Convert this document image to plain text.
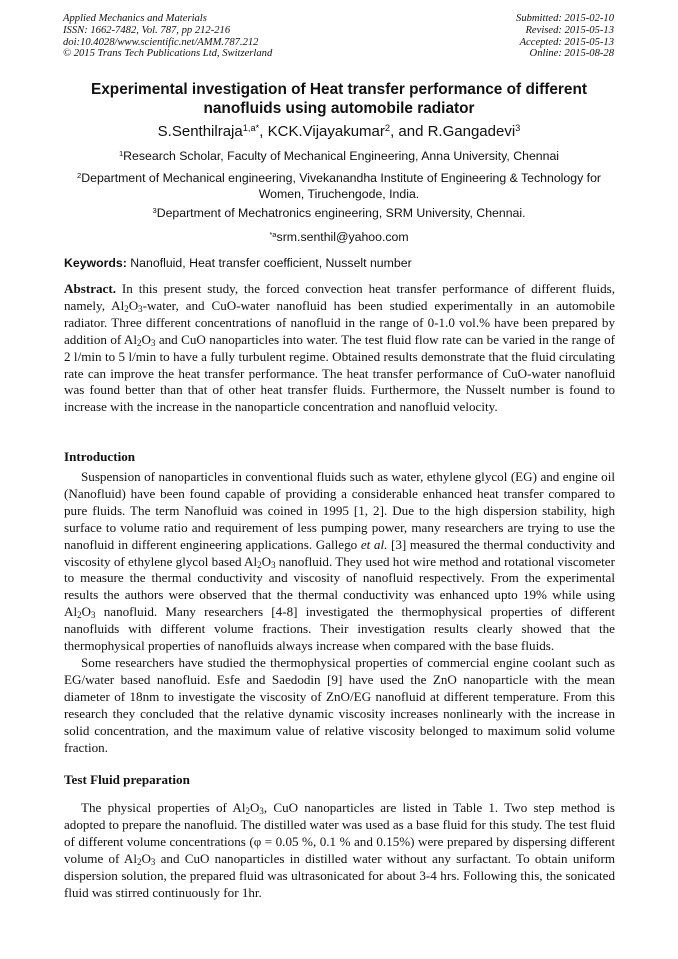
Applied Mechanics and Materials
ISSN: 1662-7482, Vol. 787, pp 212-216
doi:10.4028/www.scientific.net/AMM.787.212
© 2015 Trans Tech Publications Ltd, Switzerland
Submitted: 2015-02-10
Revised: 2015-05-13
Accepted: 2015-05-13
Online: 2015-08-28
Experimental investigation of Heat transfer performance of different
nanofluids using automobile radiator
S.Senthilraja$^{1,a*}$, KCK.Vijayakumar$^2$, and R.Gangadevi$^3$
$^1$Research Scholar, Faculty of Mechanical Engineering, Anna University, Chennai
$^2$Department of Mechanical engineering, Vivekanandha Institute of Engineering & Technology for
Women, Tiruchengode, India.
$^3$Department of Mechatronics engineering, SRM University, Chennai.
$^{*a}$srm.senthil@yahoo.com
Keywords: Nanofluid, Heat transfer coefficient, Nusselt number
Abstract. In this present study, the forced convection heat transfer performance of different fluids, namely, $Al_2O_3$-water, and CuO-water nanofluid has been studied experimentally in an automobile radiator. Three different concentrations of nanofluid in the range of 0-1.0 vol.% have been prepared by addition of $Al_2O_3$ and CuO nanoparticles into water. The test fluid flow rate can be varied in the range of 2 l/min to 5 l/min to have a fully turbulent regime. Obtained results demonstrate that the fluid circulating rate can improve the heat transfer performance. The heat transfer performance of CuO-water nanofluid was found better than that of other heat transfer fluids. Furthermore, the Nusselt number is found to increase with the increase in the nanoparticle concentration and nanofluid velocity.
Introduction

Suspension of nanoparticles in conventional fluids such as water, ethylene glycol (EG) and engine oil (Nanofluid) have been found capable of providing a considerable enhanced heat transfer compared to pure fluids. The term Nanofluid was coined in 1995 [1, 2]. Due to the high dispersion stability, high surface to volume ratio and requirement of less pumping power, many researchers are trying to use the nanofluid in different engineering applications. Gallego et al. [3] measured the thermal conductivity and viscosity of ethylene glycol based $Al_2O_3$ nanofluid. They used hot wire method and rotational viscometer to measure the thermal conductivity and viscosity of nanofluid respectively. From the experimental results the authors were observed that the thermal conductivity was enhanced upto 19% while using $Al_2O_3$ nanofluid. Many researchers [4-8] investigated the thermophysical properties of different nanofluids with different volume fractions. Their investigation results clearly showed that the thermophysical properties of nanofluids always increase when compared with the base fluids.

Some researchers have studied the thermophysical properties of commercial engine coolant such as EG/water based nanofluid. Esfe and Saedodin [9] have used the ZnO nanoparticle with the mean diameter of 18nm to investigate the viscosity of ZnO/EG nanofluid at different temperature. From this research they concluded that the relative dynamic viscosity increases nonlinearly with the increase in solid concentration, and the maximum value of relative viscosity belonged to maximum solid volume fraction.

Test Fluid preparation

The physical properties of $Al_2O_3$, CuO nanoparticles are listed in Table 1. Two step method is adopted to prepare the nanofluid. The distilled water was used as a base fluid for this study. The test fluid of different volume concentrations (φ = 0.05 %, 0.1 % and 0.15%) were prepared by dispersing different volume of $Al_2O_3$ and CuO nanoparticles in distilled water without any surfactant. To obtain uniform dispersion solution, the prepared fluid was ultrasonicated for about 3-4 hrs. Following this, the sonicated fluid was stirred continuously for 1hr.
